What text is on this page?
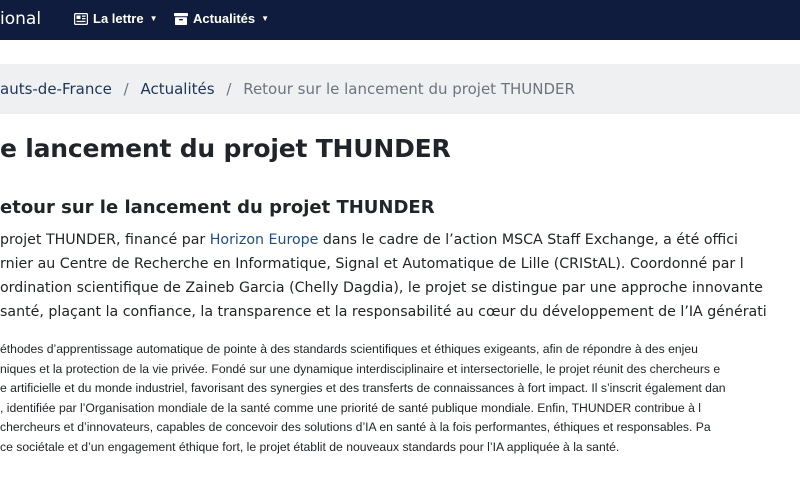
ional	La lettre ▼	Actualités ▼
auts-de-France / Actualités / Retour sur le lancement du projet THUNDER
e lancement du projet THUNDER
etour sur le lancement du projet THUNDER
projet THUNDER, financé par Horizon Europe dans le cadre de l’action MSCA Staff Exchange, a été offici
rnier au Centre de Recherche en Informatique, Signal et Automatique de Lille (CRIStAL). Coordonné par l
ordination scientifique de Zaineb Garcia (Chelly Dagdia), le projet se distingue par une approche innovante
santé, plaçant la confiance, la transparence et la responsabilité au cœur du développement de l’IA générati
éthodes d’apprentissage automatique de pointe à des standards scientifiques et éthiques exigeants, afin de répondre à des enjeu
niques et la protection de la vie privée. Fondé sur une dynamique interdisciplinaire et intersectorielle, le projet réunit des chercheurs e
e artificielle et du monde industriel, favorisant des synergies et des transferts de connaissances à fort impact. Il s’inscrit également dan
, identifiée par l’Organisation mondiale de la santé comme une priorité de santé publique mondiale. Enfin, THUNDER contribue à l
chercheurs et d’innovateurs, capables de concevoir des solutions d’IA en santé à la fois performantes, éthiques et responsables. Pa
ce sociétale et d’un engagement éthique fort, le projet établit de nouveaux standards pour l’IA appliquée à la santé.
